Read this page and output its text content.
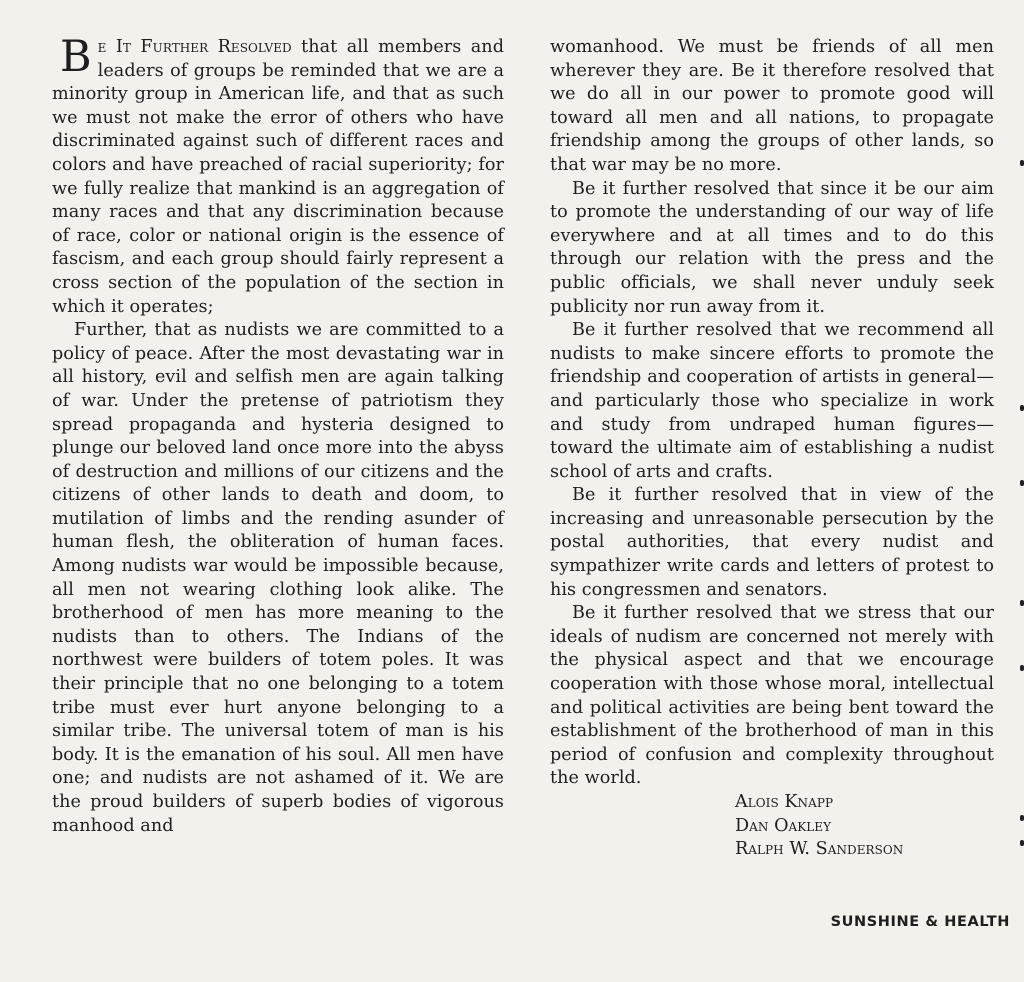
Be It Further Resolved that all members and leaders of groups be reminded that we are a minority group in American life, and that as such we must not make the error of others who have discriminated against such of different races and colors and have preached of racial superiority; for we fully realize that mankind is an aggregation of many races and that any discrimination because of race, color or national origin is the essence of fascism, and each group should fairly represent a cross section of the population of the section in which it operates;

Further, that as nudists we are committed to a policy of peace. After the most devastating war in all history, evil and selfish men are again talking of war. Under the pretense of patriotism they spread propaganda and hysteria designed to plunge our beloved land once more into the abyss of destruction and millions of our citizens and the citizens of other lands to death and doom, to mutilation of limbs and the rending asunder of human flesh, the obliteration of human faces. Among nudists war would be impossible because, all men not wearing clothing look alike. The brotherhood of men has more meaning to the nudists than to others. The Indians of the northwest were builders of totem poles. It was their principle that no one belonging to a totem tribe must ever hurt anyone belonging to a similar tribe. The universal totem of man is his body. It is the emanation of his soul. All men have one; and nudists are not ashamed of it. We are the proud builders of superb bodies of vigorous manhood and

womanhood. We must be friends of all men wherever they are. Be it therefore resolved that we do all in our power to promote good will toward all men and all nations, to propagate friendship among the groups of other lands, so that war may be no more.

Be it further resolved that since it be our aim to promote the understanding of our way of life everywhere and at all times and to do this through our relation with the press and the public officials, we shall never unduly seek publicity nor run away from it.

Be it further resolved that we recommend all nudists to make sincere efforts to promote the friendship and cooperation of artists in general—and particularly those who specialize in work and study from undraped human figures—toward the ultimate aim of establishing a nudist school of arts and crafts.

Be it further resolved that in view of the increasing and unreasonable persecution by the postal authorities, that every nudist and sympathizer write cards and letters of protest to his congressmen and senators.

Be it further resolved that we stress that our ideals of nudism are concerned not merely with the physical aspect and that we encourage cooperation with those whose moral, intellectual and political activities are being bent toward the establishment of the brotherhood of man in this period of confusion and complexity throughout the world.

Alois Knapp
Dan Oakley
Ralph W. Sanderson
SUNSHINE & HEALTH
